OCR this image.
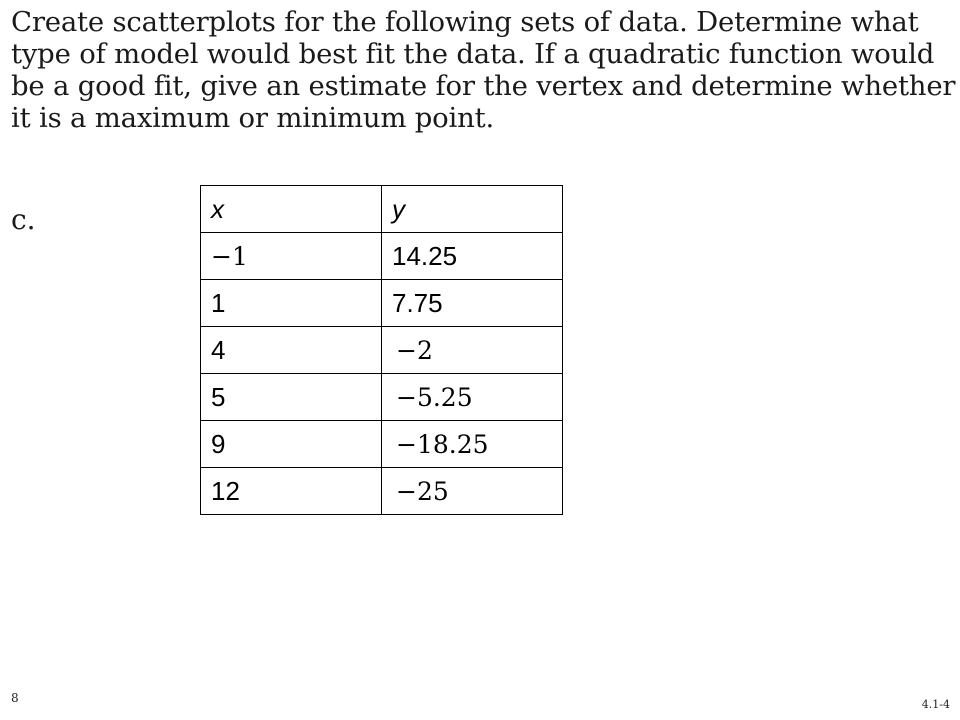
Create scatterplots for the following sets of data. Determine what type of model would best fit the data. If a quadratic function would be a good fit, give an estimate for the vertex and determine whether it is a maximum or minimum point.

c.	x	y
−1	14.25
1	7.75
4	−2
5	−5.25
9	−18.25
12	−25
8	4.1-4
